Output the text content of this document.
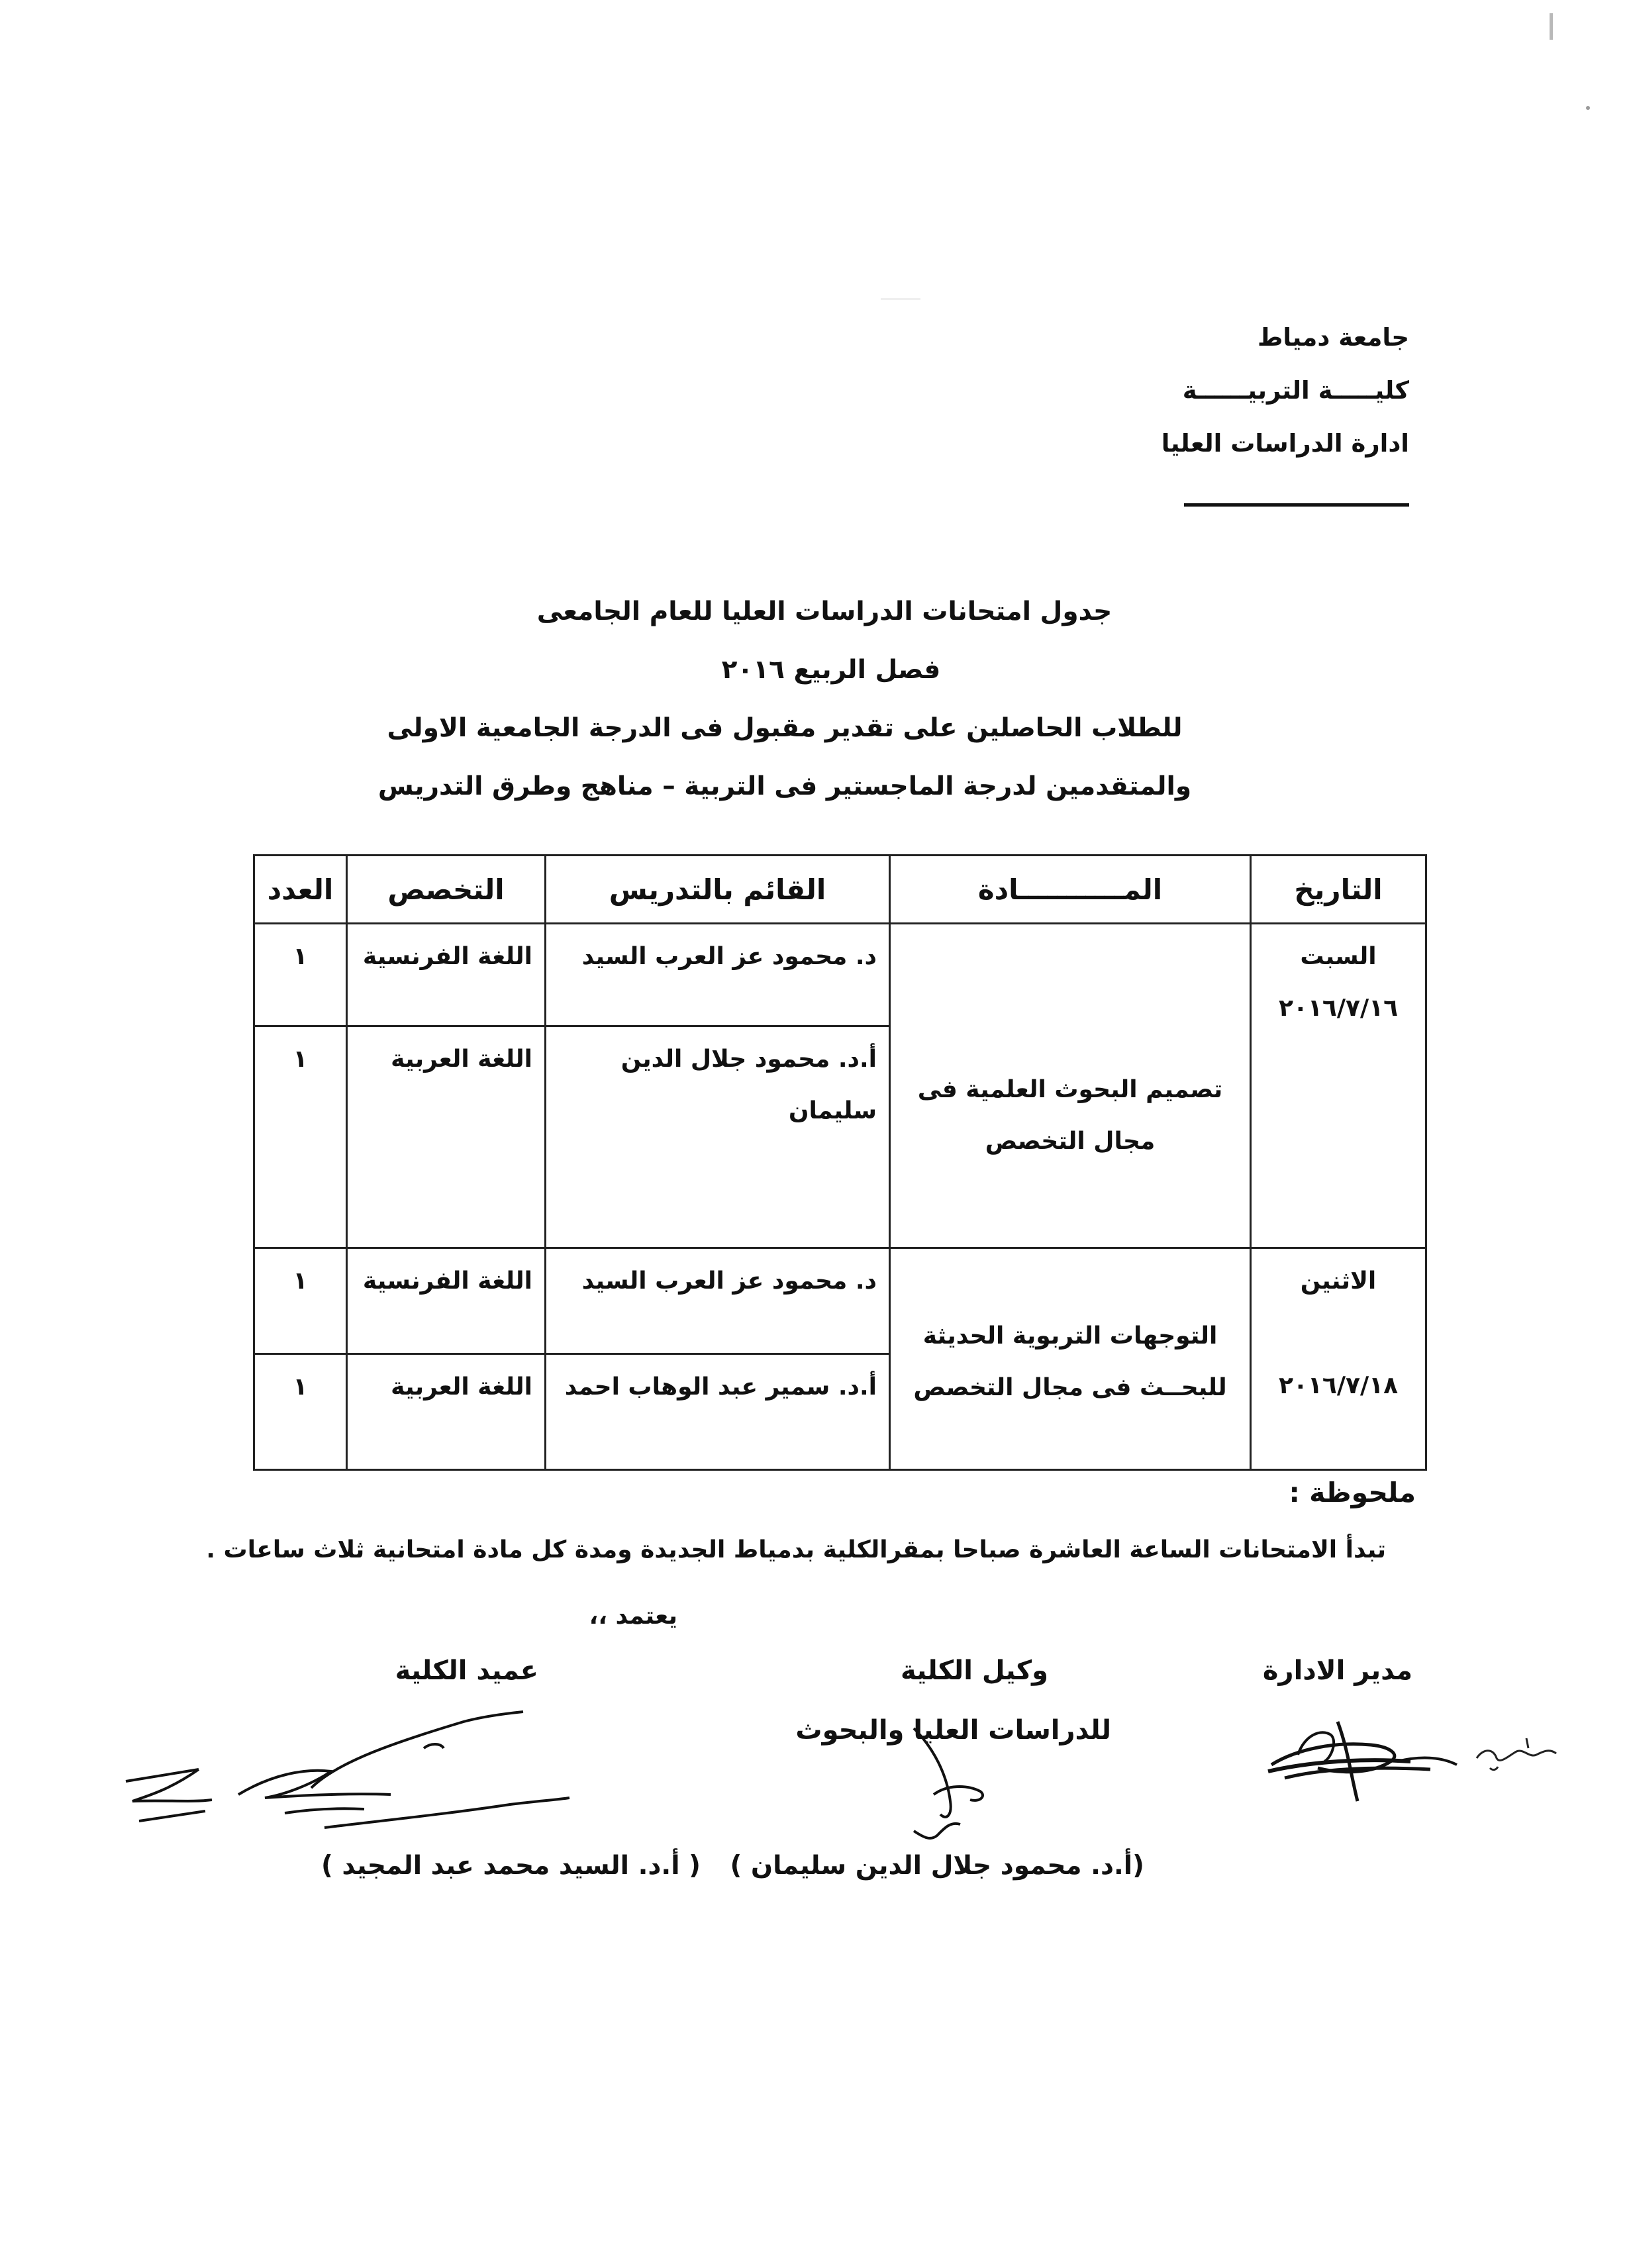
جامعة دمياط
كليـــــة التربيــــــة
ادارة الدراسات العليا
جدول امتحانات الدراسات العليا للعام الجامعى
فصل الربيع ٢٠١٦
للطلاب الحاصلين على تقدير مقبول فى الدرجة الجامعية الاولى
والمتقدمين لدرجة الماجستير فى التربية – مناهج وطرق التدريس
التاريخ	المـــــــــــادة	القائم بالتدريس	التخصص	العدد

السبت
٢٠١٦/٧/١٦	تصميم البحوث العلمية فى مجال التخصص	د. محمود عز العرب السيد	اللغة الفرنسية	١
		أ.د. محمود جلال الدين سليمان	اللغة العربية	١

الاثنين
٢٠١٦/٧/١٨	التوجهات التربوية الحديثة للبحــث فى مجال التخصص	د. محمود عز العرب السيد	اللغة الفرنسية	١
		أ.د. سمير عبد الوهاب احمد	اللغة العربية	١
ملحوظة :
تبدأ الامتحانات الساعة العاشرة صباحا بمقرالكلية بدمياط الجديدة ومدة كل مادة امتحانية ثلاث ساعات .
يعتمد ،،
مدير الادارة
وكيل الكلية
للدراسات العليا والبحوث
عميد الكلية
(أ.د. محمود جلال الدين سليمان )
( أ.د. السيد محمد عبد المجيد )
